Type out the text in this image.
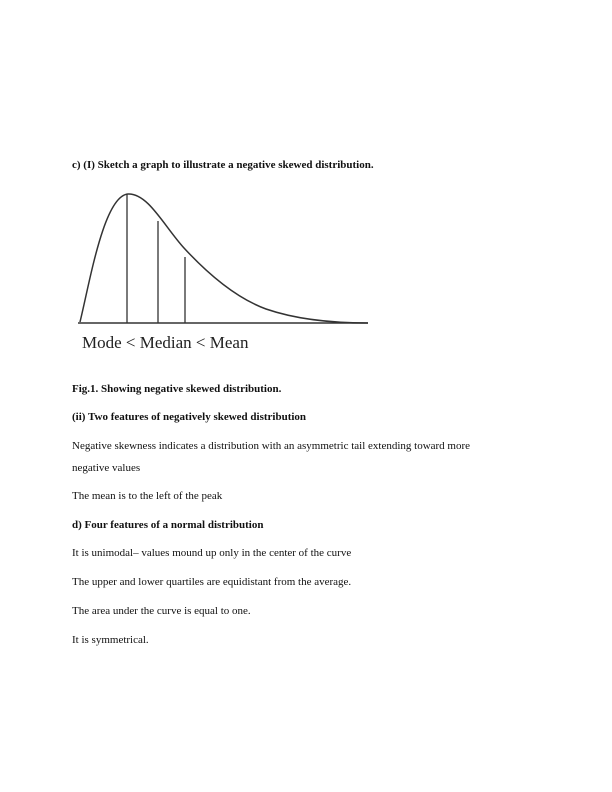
c) (I) Sketch a graph to illustrate a negative skewed distribution.

Mode < Median < Mean

Fig.1. Showing negative skewed distribution.

(ii) Two features of negatively skewed distribution

Negative skewness indicates a distribution with an asymmetric tail extending toward more

negative values

The mean is to the left of the peak

d) Four features of a normal distribution

It is unimodal– values mound up only in the center of the curve

The upper and lower quartiles are equidistant from the average.

The area under the curve is equal to one.

It is symmetrical.
